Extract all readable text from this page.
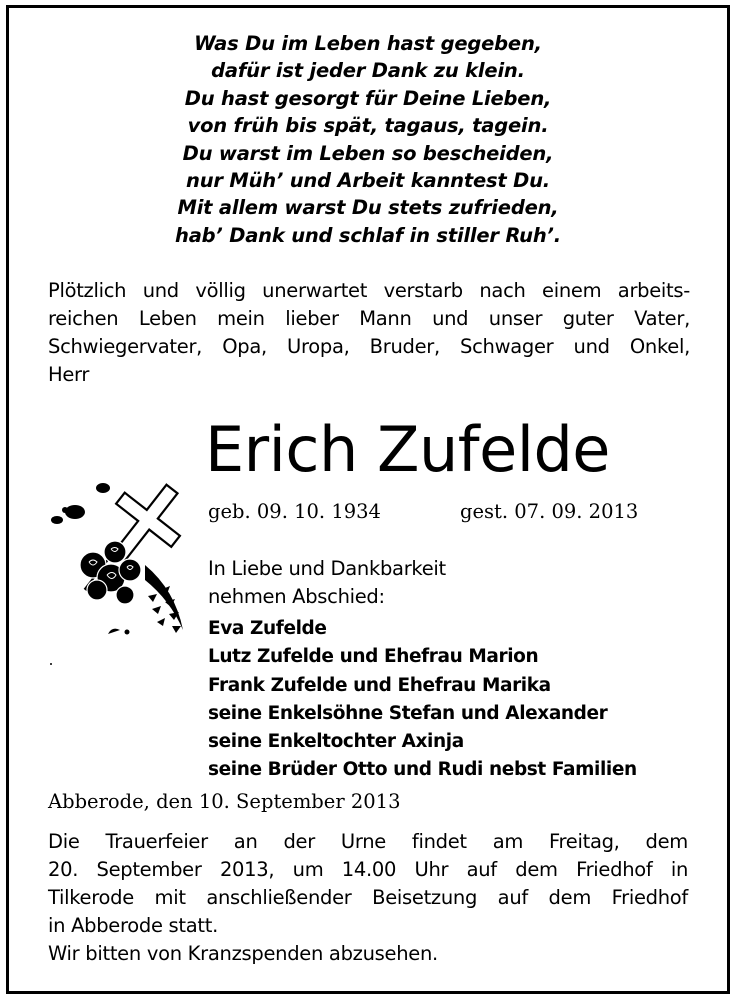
Was Du im Leben hast gegeben,
dafür ist jeder Dank zu klein.
Du hast gesorgt für Deine Lieben,
von früh bis spät, tagaus, tagein.
Du warst im Leben so bescheiden,
nur Müh’ und Arbeit kanntest Du.
Mit allem warst Du stets zufrieden,
hab’ Dank und schlaf in stiller Ruh’.
Plötzlich und völlig unerwartet verstarb nach einem arbeits-
reichen Leben mein lieber Mann und unser guter Vater,
Schwiegervater, Opa, Uropa, Bruder, Schwager und Onkel,
Herr
Erich Zufelde
geb. 09. 10. 1934	gest. 07. 09. 2013
In Liebe und Dankbarkeit
nehmen Abschied:
Eva Zufelde
Lutz Zufelde und Ehefrau Marion
Frank Zufelde und Ehefrau Marika
seine Enkelsöhne Stefan und Alexander
seine Enkeltochter Axinja
seine Brüder Otto und Rudi nebst Familien
Abberode, den 10. September 2013
Die Trauerfeier an der Urne findet am Freitag, dem
20. September 2013, um 14.00 Uhr auf dem Friedhof in
Tilkerode mit anschließender Beisetzung auf dem Friedhof
in Abberode statt.
Wir bitten von Kranzspenden abzusehen.
